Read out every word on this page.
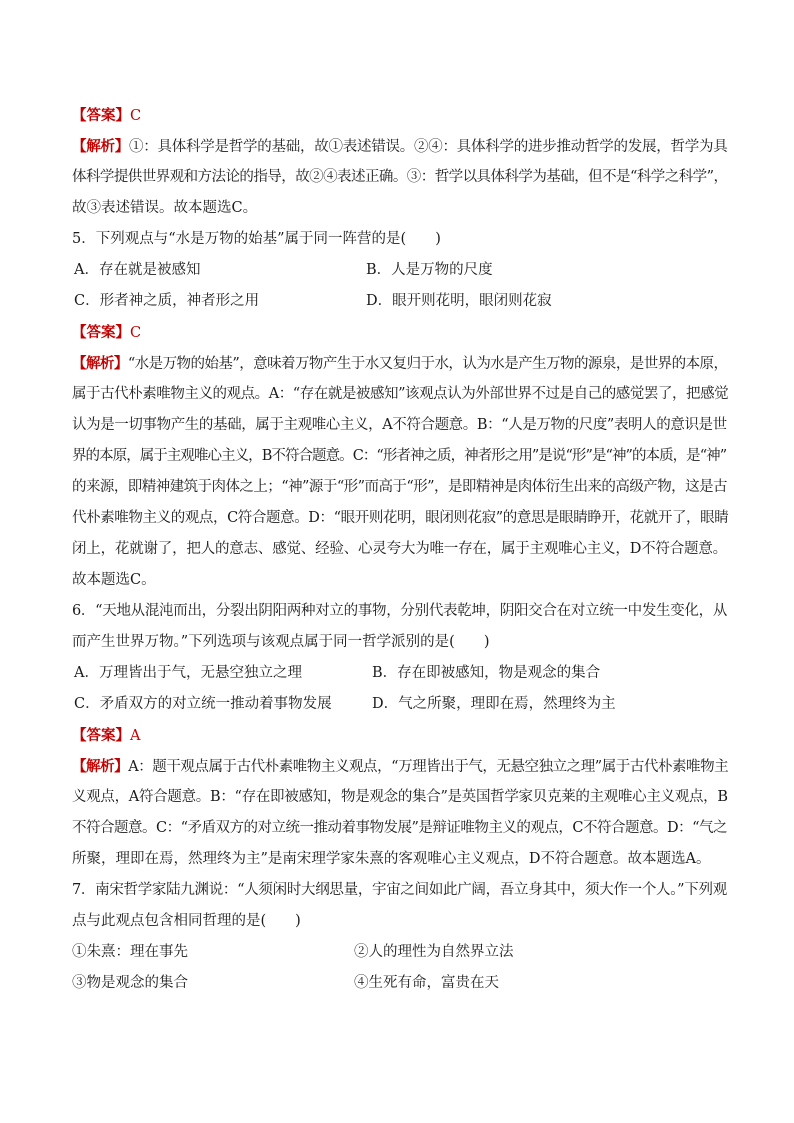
【答案】C
【解析】①：具体科学是哲学的基础，故①表述错误。②④：具体科学的进步推动哲学的发展，哲学为具
体科学提供世界观和方法论的指导，故②④表述正确。③：哲学以具体科学为基础，但不是“科学之科学”，
故③表述错误。故本题选C。
5．下列观点与“水是万物的始基”属于同一阵营的是(　　)
A．存在就是被感知	B．人是万物的尺度
C．形者神之质，神者形之用	D．眼开则花明，眼闭则花寂
【答案】C
【解析】“水是万物的始基”，意味着万物产生于水又复归于水，认为水是产生万物的源泉，是世界的本原，
属于古代朴素唯物主义的观点。A：“存在就是被感知”该观点认为外部世界不过是自己的感觉罢了，把感觉
认为是一切事物产生的基础，属于主观唯心主义，A不符合题意。B：“人是万物的尺度”表明人的意识是世
界的本原，属于主观唯心主义，B不符合题意。C：“形者神之质，神者形之用”是说“形”是“神”的本质，是“神”
的来源，即精神建筑于肉体之上；“神”源于“形”而高于“形”，是即精神是肉体衍生出来的高级产物，这是古
代朴素唯物主义的观点，C符合题意。D：“眼开则花明，眼闭则花寂”的意思是眼睛睁开，花就开了，眼睛
闭上，花就谢了，把人的意志、感觉、经验、心灵夸大为唯一存在，属于主观唯心主义，D不符合题意。
故本题选C。
6．“天地从混沌而出，分裂出阴阳两种对立的事物，分别代表乾坤，阴阳交合在对立统一中发生变化，从
而产生世界万物。”下列选项与该观点属于同一哲学派别的是(　　)
A．万理皆出于气，无悬空独立之理	B．存在即被感知，物是观念的集合
C．矛盾双方的对立统一推动着事物发展	D．气之所聚，理即在焉，然理终为主
【答案】A
【解析】A：题干观点属于古代朴素唯物主义观点，“万理皆出于气，无悬空独立之理”属于古代朴素唯物主
义观点，A符合题意。B：“存在即被感知，物是观念的集合”是英国哲学家贝克莱的主观唯心主义观点，B
不符合题意。C：“矛盾双方的对立统一推动着事物发展”是辩证唯物主义的观点，C不符合题意。D：“气之
所聚，理即在焉，然理终为主”是南宋理学家朱熹的客观唯心主义观点，D不符合题意。故本题选A。
7．南宋哲学家陆九渊说：“人须闲时大纲思量，宇宙之间如此广阔，吾立身其中，须大作一个人。”下列观
点与此观点包含相同哲理的是(　　)
①朱熹：理在事先	②人的理性为自然界立法
③物是观念的集合	④生死有命，富贵在天
